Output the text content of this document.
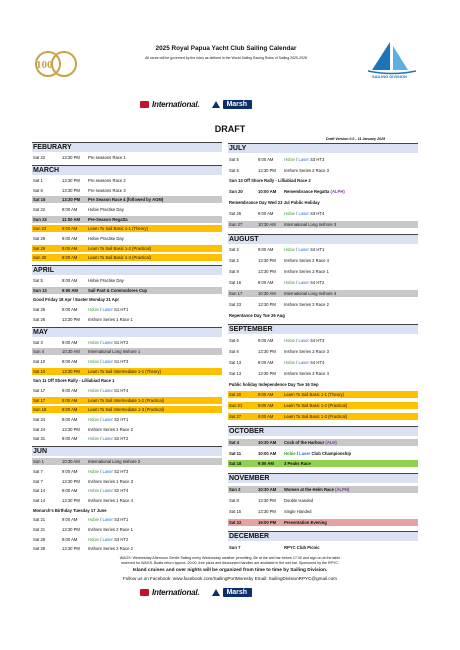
100
SAILING DIVISION
2025 Royal Papua Yacht Club Sailing Calendar
All races will be governed by the rules as defined in the World Sailing Racing Rules of Sailing 2025-2028
International.	Marsh
DRAFT
Draft Version 0.0 - 11 January 2025
FEBURARY
Sat 22	13:30 PM Pre seasons Race 1
MARCH
Sat 1	13:30 PM Pre seasons Race 2
Sat 8	13:30 PM Pre seasons Race 3
Sat 15	13:30 PM Pre Season Race 4 (followed by AGM)
Sat 22	9:00 AM	Hobie Practise Day
Sun 23	11:00 AM Pre-Season Regatta
Sun 23	9:00 AM	Learn To Sail Basic 1-1 (Theory)
Sat 29	9:00 AM	Hobie Practise Day
Sat 29	9:00 AM	Learn To Sail Basic 1-2 (Practical)
Sun 30	9:00 AM	Learn To Sail Basic 1-3 (Practical)
APRIL
Sat 5	9:00 AM	Hobie Practise Day
Sun 13	9:00 AM Sail Past & Commodores Cup
Good Friday 18 Apr / Easter Monday 21 Apr
Sat 26	9:00 AM	Hobie / Laser S1 HT1
Sat 26	13:30 PM Inshore Series 1 Race 1
MAY
Sat 3	9:00 AM	Hobie / Laser S1 HT2
Sun 4	10:30 AM International Long Inshore 1
Sat 10	9:00 AM	Hobie / Laser S1 HT3
Sat 10	13:30 PM Learn To Sail Intermediate 1-1 (Theory)
Sun 11 Off Shore Rally - Lilliabiad Race 1
Sat 17	9:00 AM	Hobie / Laser S1 HT4
Sat 17	9:00 AM	Learn To Sail Intermediate 1-2 (Practical)
Sun 18	9:00 AM	Learn To Sail Intermediate 1-3 (Practical)
Sat 24	9:00 AM	Hobie / Laser S2 HT1
Sat 24	13:30 PM Inshore Series 1 Race 2
Sat 31	9:00 AM	Hobie / Laser S2 HT2
JUN
Sun 1	10:30 AM International Long Inshore 2
Sat 7	9:00 AM	Hobie / Laser S2 HT3
Sat 7	13:30 PM Inshore Series 1 Race 3
Sat 14	9:00 AM	Hobie / Laser S2 HT4
Sat 14	13:30 PM Inshore Series 1 Race 4
Monarch's Birthday Tuesday 17 June
Sat 21	9:00 AM	Hobie / Laser S3 HT1
Sat 21	13:30 PM Inshore Series 2 Race 1
Sat 28	9:00 AM	Hobie / Laser S3 HT2
Sat 28	13:30 PM Inshore Series 2 Race 2
JULY
Sat 5	9:00 AM	Hobie / Laser S3 HT3
Sat 5	13:30 PM Inshore Series 2 Race 3
Sun 13 Off Shore Rally - Lilliabiad Race 2
Sun 20	10:00 AM Remembrance Regatta (ALPH)
Remembrance Day Wed 23 Jul Public Holiday
Sat 26	9:00 AM	Hobie / Laser S3 HT4
Sun 27	10:30 AM International Long Inshore 3
AUGUST
Sat 2	9:00 AM	Hobie / Laser S4 HT1
Sat 2	13:30 PM Inshore Series 2 Race 4
Sat 9	13:30 PM Inshore Series 3 Race 1
Sat 16	9:00 AM	Hobie / Laser S4 HT2
Sun 17	10:30 AM International Long Inshore 4
Sat 23	13:30 PM Inshore Series 3 Race 2
Repentance Day Tue 26 Aug
SEPTEMBER
Sat 6	9:00 AM	Hobie / Laser S4 HT3
Sat 6	13:30 PM Inshore Series 3 Race 3
Sat 13	9:00 AM	Hobie / Laser S4 HT4
Sat 13	13:30 PM Inshore Series 3 Race 4
Public holiday Independence Day Tue 16 Sep
Sat 20	9:00 AM	Learn To Sail Basic 1-1 (Theory)
Sun 21	9:00 AM	Learn To Sail Basic 1-2 (Practical)
Sat 27	9:00 AM	Learn To Sail Basic 1-3 (Practical)
OCTOBER
Sat 4	10:30 AM Cock of the Harbour (ALH)
Sat 11	10:00 AM Hobie / Laser Club Championship
Sat 18	9:00 AM 3 Peaks Race
NOVEMBER
Sun 2	10:30 AM Women at the Helm Race (ALPH)
Sat 8	13:30 PM Double Handed
Sat 15	13:30 PM Single Handed
Sat 22	19:00 PM Presentation Evening
DECEMBER
Sun 7	RPYC Club Picnic
WAGS: Wednesday Afternoon Gentle Sailing every Wednesday weather permitting. Be at the wet bar before 17:30 and sign on at the table
reserved for WAGS. Boats return approx. 20:00, free pizza and discounted handles are available in the wet bar. Sponsored by the RPYC.
Island cruises and over nights will be organized from time to time by Sailing Division.
Follow us on Facebook: www.facebook.com/SailingPortMoresby Email: SailingDivisionRPYC@gmail.com
International.	Marsh
